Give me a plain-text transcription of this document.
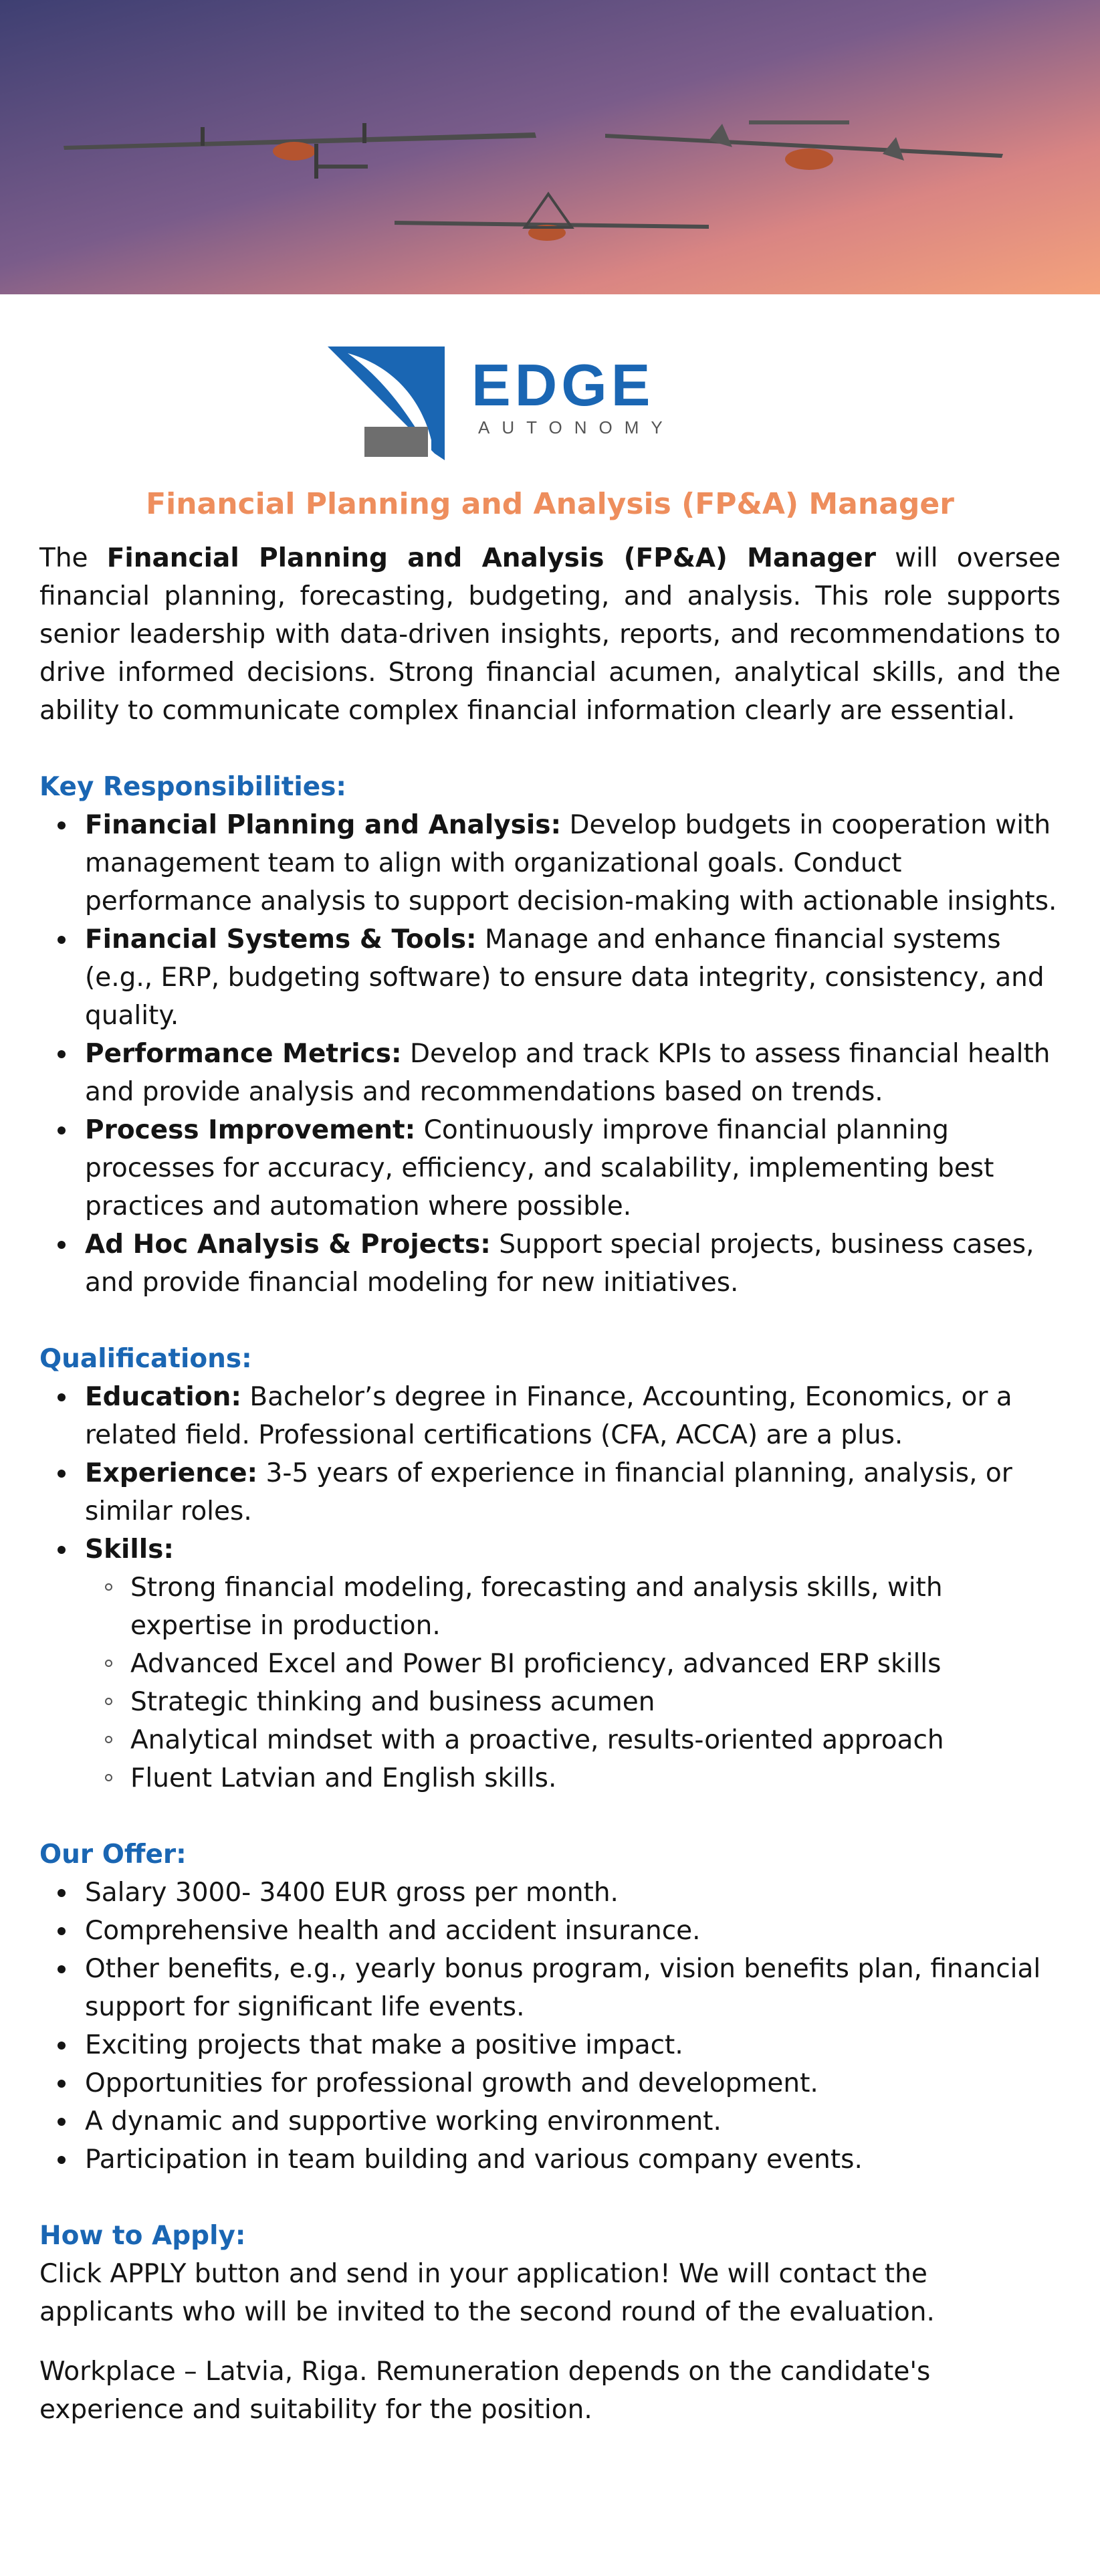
EDGE
AUTONOMY
Financial Planning and Analysis (FP&A) Manager

The Financial Planning and Analysis (FP&A) Manager will oversee financial planning, forecasting, budgeting, and analysis. This role supports senior leadership with data-driven insights, reports, and recommendations to drive informed decisions. Strong financial acumen, analytical skills, and the ability to communicate complex financial information clearly are essential.

Key Responsibilities:
Financial Planning and Analysis: Develop budgets in cooperation with management team to align with organizational goals. Conduct performance analysis to support decision-making with actionable insights.
Financial Systems & Tools: Manage and enhance financial systems (e.g., ERP, budgeting software) to ensure data integrity, consistency, and quality.
Performance Metrics: Develop and track KPIs to assess financial health and provide analysis and recommendations based on trends.
Process Improvement: Continuously improve financial planning processes for accuracy, efficiency, and scalability, implementing best practices and automation where possible.
Ad Hoc Analysis & Projects: Support special projects, business cases, and provide financial modeling for new initiatives.
Qualifications:
Education: Bachelor’s degree in Finance, Accounting, Economics, or a related field. Professional certifications (CFA, ACCA) are a plus.
Experience: 3-5 years of experience in financial planning, analysis, or similar roles.
Skills:
Strong financial modeling, forecasting and analysis skills, with expertise in production.
Advanced Excel and Power BI proficiency, advanced ERP skills
Strategic thinking and business acumen
Analytical mindset with a proactive, results-oriented approach
Fluent Latvian and English skills.
Our Offer:
Salary 3000- 3400 EUR gross per month.
Comprehensive health and accident insurance.
Other benefits, e.g., yearly bonus program, vision benefits plan, financial support for significant life events.
Exciting projects that make a positive impact.
Opportunities for professional growth and development.
A dynamic and supportive working environment.
Participation in team building and various company events.
How to Apply:

Click APPLY button and send in your application! We will contact the applicants who will be invited to the second round of the evaluation.

Workplace – Latvia, Riga. Remuneration depends on the candidate's experience and suitability for the position.
